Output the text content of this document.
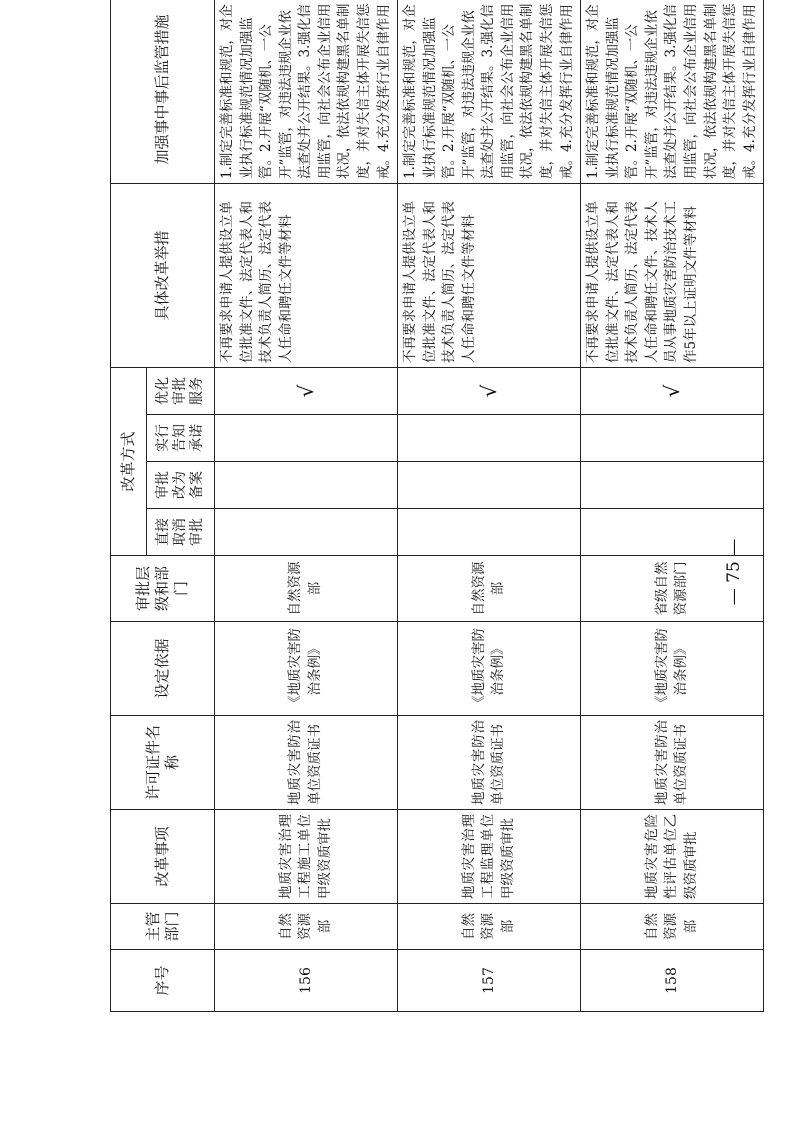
序号	主管部门	改革事项	许可证件名称	设定依据	审批层级和部门	改革方式				具体改革举措	加强事中事后监管措施
						直接取消审批	审批改为备案	实行告知承诺	优化审批服务		
156	自然资源部	地质灾害治理工程施工单位甲级资质审批	地质灾害防治单位资质证书	《地质灾害防治条例》	自然资源部				√	不再要求申请人提供设立单位批准文件、法定代表人和技术负责人简历、法定代表人任命和聘任文件等材料	1.制定完善标准和规范，对企业执行标准规范情况加强监管。2.开展“双随机、一公开”监管，对违法违规企业依法查处并公开结果。3.强化信用监管，向社会公布企业信用状况，依法依规构建黑名单制度，并对失信主体开展失信惩戒。4.充分发挥行业自律作用
157	自然资源部	地质灾害治理工程监理单位甲级资质审批	地质灾害防治单位资质证书	《地质灾害防治条例》	自然资源部				√	不再要求申请人提供设立单位批准文件、法定代表人和技术负责人简历、法定代表人任命和聘任文件等材料	1.制定完善标准和规范，对企业执行标准规范情况加强监管。2.开展“双随机、一公开”监管，对违法违规企业依法查处并公开结果。3.强化信用监管，向社会公布企业信用状况，依法依规构建黑名单制度，并对失信主体开展失信惩戒。4.充分发挥行业自律作用
158	自然资源部	地质灾害危险性评估单位乙级资质审批	地质灾害防治单位资质证书	《地质灾害防治条例》	省级自然资源部门				√	不再要求申请人提供设立单位批准文件、法定代表人和技术负责人简历、法定代表人任命和聘任文件、技术人员从事地质灾害防治技术工作5年以上证明文件等材料	1.制定完善标准和规范，对企业执行标准规范情况加强监管。2.开展“双随机、一公开”监管，对违法违规企业依法查处并公开结果。3.强化信用监管，向社会公布企业信用状况，依法依规构建黑名单制度，并对失信主体开展失信惩戒。4.充分发挥行业自律作用
— 75 —
